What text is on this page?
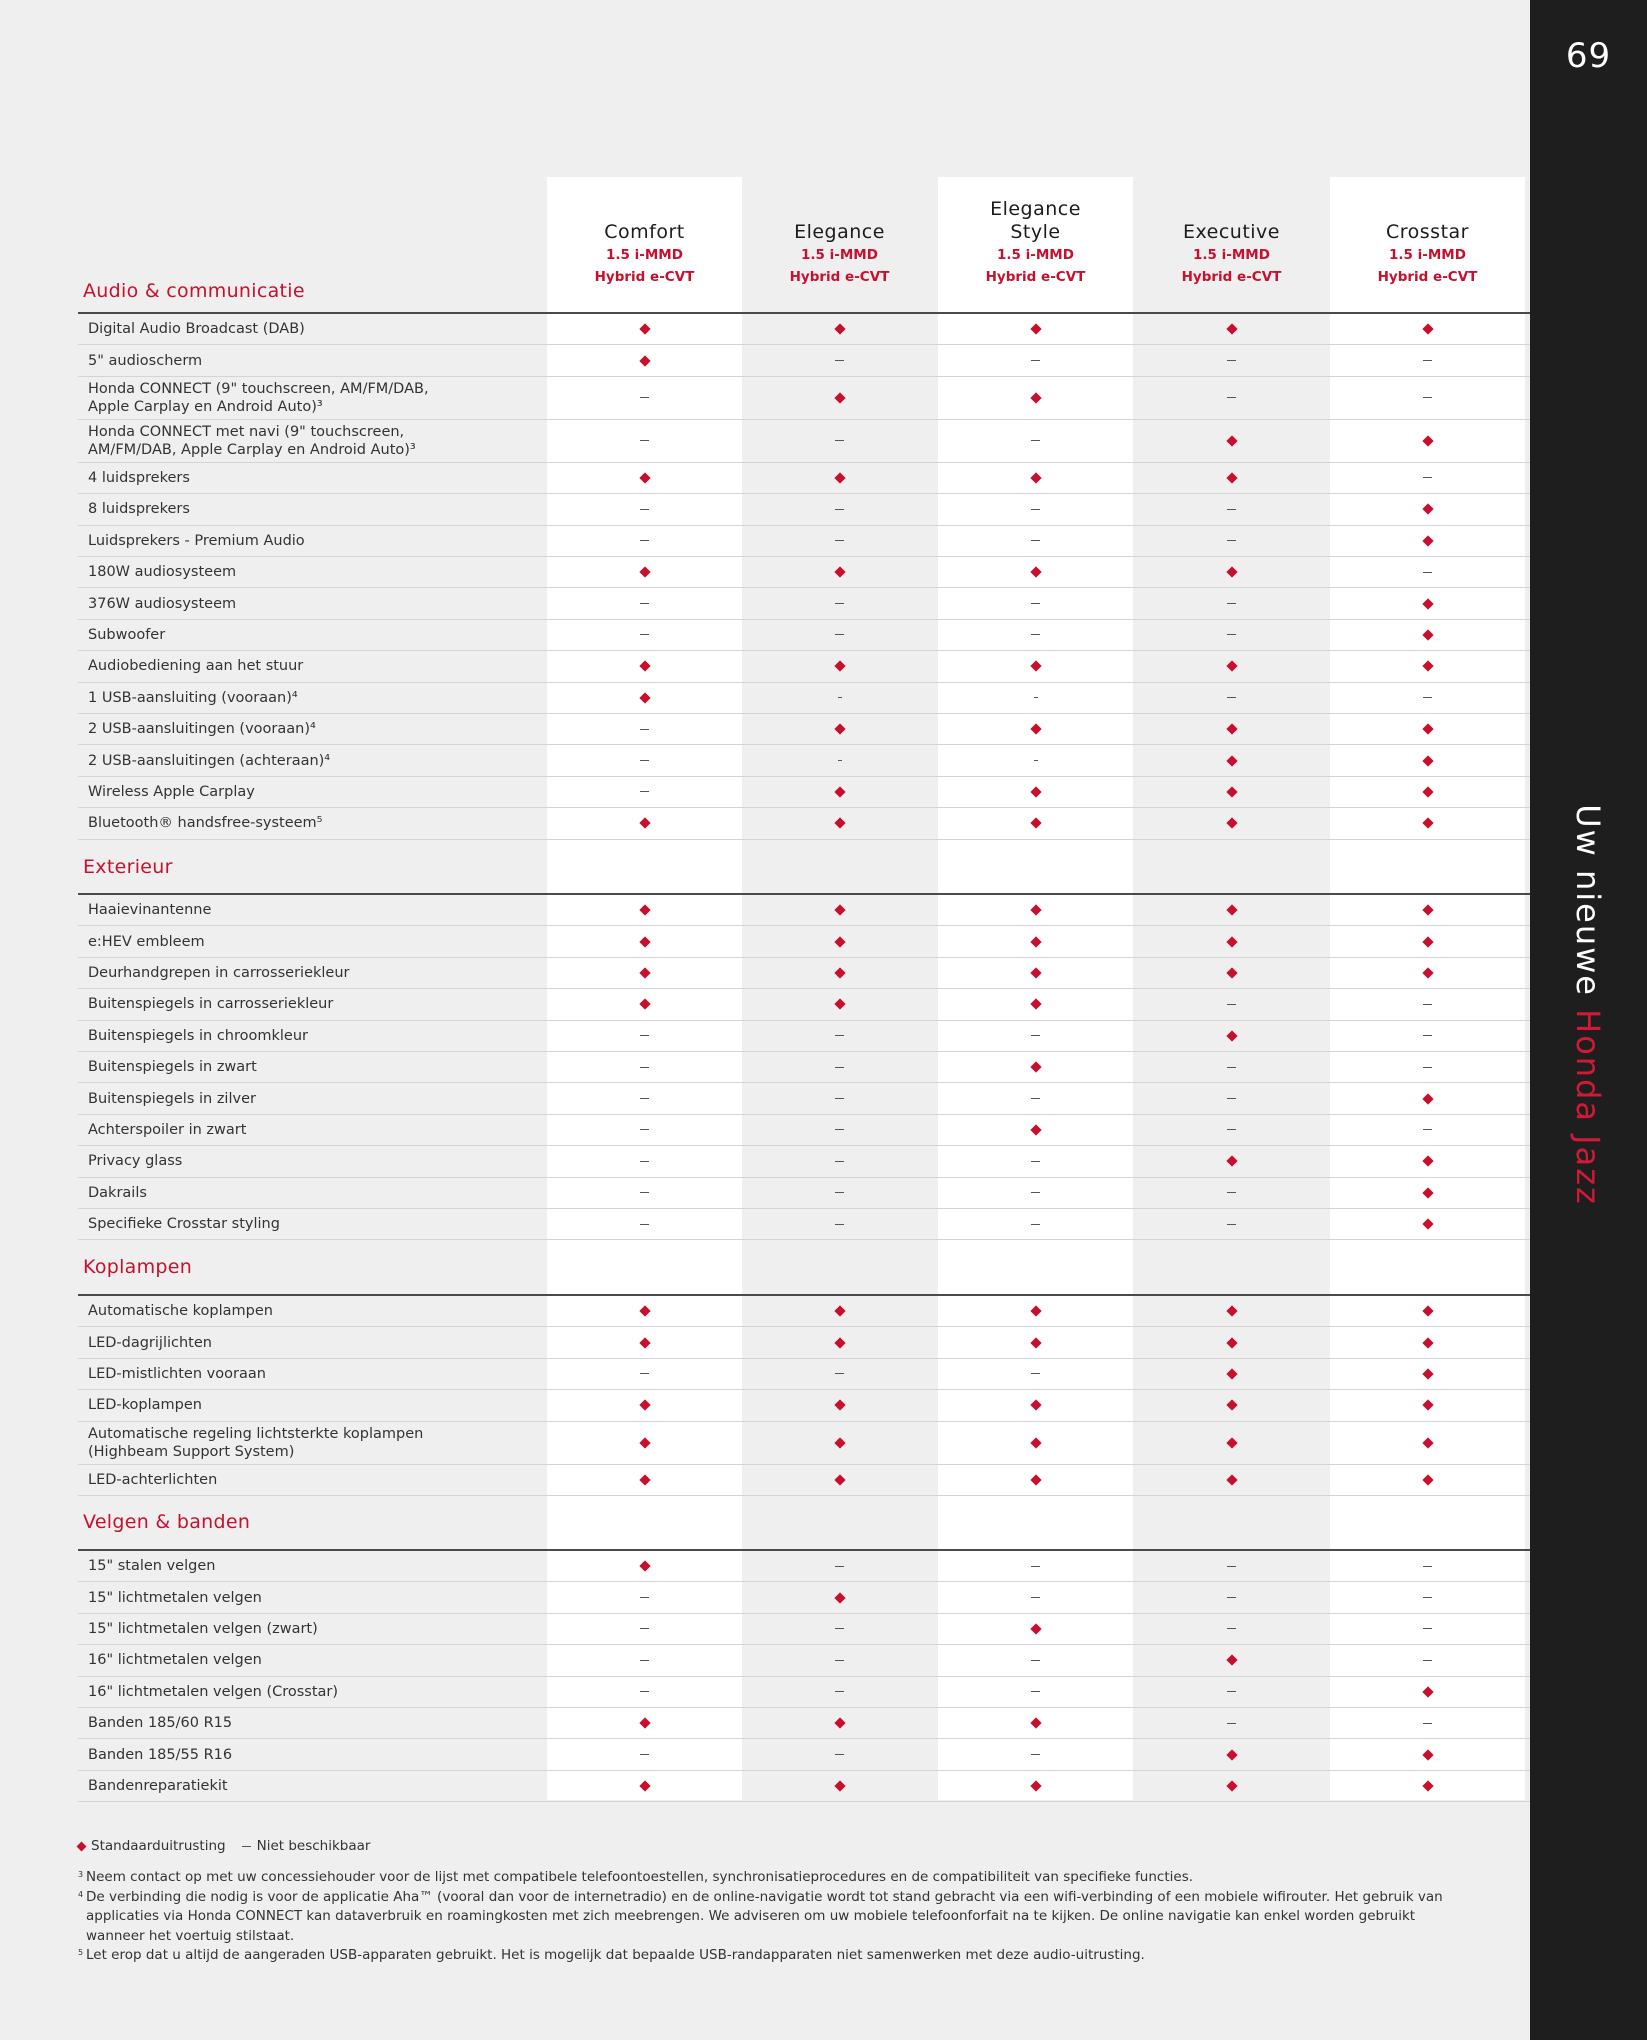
69
Uw nieuwe Honda Jazz
Comfort
1.5 i-MMD
Hybrid e-CVT
Elegance
1.5 i-MMD
Hybrid e-CVT
Elegance Style
1.5 i-MMD
Hybrid e-CVT
Executive
1.5 i-MMD
Hybrid e-CVT
Crosstar
1.5 i-MMD
Hybrid e-CVT
Audio & communicatie
Digital Audio Broadcast (DAB)
5" audioscherm
Honda CONNECT (9" touchscreen, AM/FM/DAB, Apple Carplay en Android Auto)³
Honda CONNECT met navi (9" touchscreen, AM/FM/DAB, Apple Carplay en Android Auto)³
4 luidsprekers
8 luidsprekers
Luidsprekers - Premium Audio
180W audiosysteem
376W audiosysteem
Subwoofer
Audiobediening aan het stuur
1 USB-aansluiting (vooraan)⁴
2 USB-aansluitingen (vooraan)⁴
2 USB-aansluitingen (achteraan)⁴
Wireless Apple Carplay
Bluetooth® handsfree-systeem⁵
Exterieur
Haaievinantenne
e:HEV embleem
Deurhandgrepen in carrosseriekleur
Buitenspiegels in carrosseriekleur
Buitenspiegels in chroomkleur
Buitenspiegels in zwart
Buitenspiegels in zilver
Achterspoiler in zwart
Privacy glass
Dakrails
Specifieke Crosstar styling
Koplampen
Automatische koplampen
LED-dagrijlichten
LED-mistlichten vooraan
LED-koplampen
Automatische regeling lichtsterkte koplampen (Highbeam Support System)
LED-achterlichten
Velgen & banden
15" stalen velgen
15" lichtmetalen velgen
15" lichtmetalen velgen (zwart)
16" lichtmetalen velgen
16" lichtmetalen velgen (Crosstar)
Banden 185/60 R15
Banden 185/55 R16
Bandenreparatiekit
Standaarduitrusting Niet beschikbaar
3 Neem contact op met uw concessiehouder voor de lijst met compatibele telefoontoestellen, synchronisatieprocedures en de compatibiliteit van specifieke functies.
4 De verbinding die nodig is voor de applicatie Aha™ (vooral dan voor de internetradio) en de online-navigatie wordt tot stand gebracht via een wifi-verbinding of een mobiele wifirouter. Het gebruik van applicaties via Honda CONNECT kan dataverbruik en roamingkosten met zich meebrengen. We adviseren om uw mobiele telefoonforfait na te kijken. De online navigatie kan enkel worden gebruikt wanneer het voertuig stilstaat.
5 Let erop dat u altijd de aangeraden USB-apparaten gebruikt. Het is mogelijk dat bepaalde USB-randapparaten niet samenwerken met deze audio-uitrusting.
